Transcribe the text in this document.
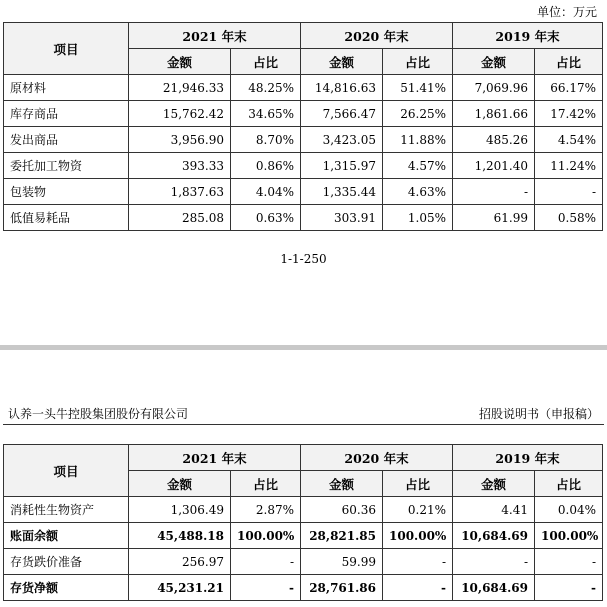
单位：万元
项目	2021 年末		2020 年末		2019 年末	
	金额	占比	金额	占比	金额	占比
原材料	21,946.33	48.25%	14,816.63	51.41%	7,069.96	66.17%
库存商品	15,762.42	34.65%	7,566.47	26.25%	1,861.66	17.42%
发出商品	3,956.90	8.70%	3,423.05	11.88%	485.26	4.54%
委托加工物资	393.33	0.86%	1,315.97	4.57%	1,201.40	11.24%
包装物	1,837.63	4.04%	1,335.44	4.63%	-	-
低值易耗品	285.08	0.63%	303.91	1.05%	61.99	0.58%
1-1-250
认养一头牛控股集团股份有限公司	招股说明书（申报稿）
项目	2021 年末		2020 年末		2019 年末	
	金额	占比	金额	占比	金额	占比
消耗性生物资产	1,306.49	2.87%	60.36	0.21%	4.41	0.04%
账面余额	45,488.18	100.00%	28,821.85	100.00%	10,684.69	100.00%
存货跌价准备	256.97	-	59.99	-	-	-
存货净额	45,231.21	-	28,761.86	-	10,684.69	-
